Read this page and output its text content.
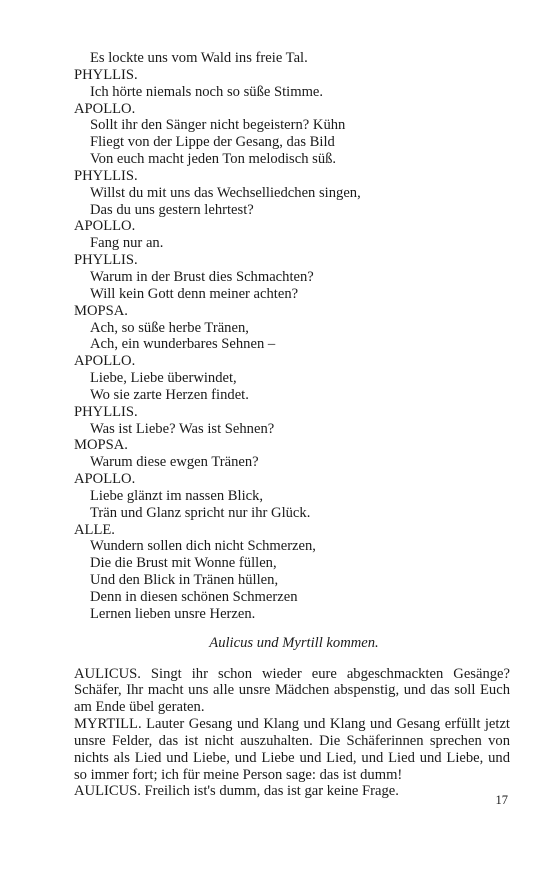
Es lockte uns vom Wald ins freie Tal.
PHYLLIS.
Ich hörte niemals noch so süße Stimme.
APOLLO.
Sollt ihr den Sänger nicht begeistern? Kühn
Fliegt von der Lippe der Gesang, das Bild
Von euch macht jeden Ton melodisch süß.
PHYLLIS.
Willst du mit uns das Wechselliedchen singen,
Das du uns gestern lehrtest?
APOLLO.
Fang nur an.
PHYLLIS.
Warum in der Brust dies Schmachten?
Will kein Gott denn meiner achten?
MOPSA.
Ach, so süße herbe Tränen,
Ach, ein wunderbares Sehnen –
APOLLO.
Liebe, Liebe überwindet,
Wo sie zarte Herzen findet.
PHYLLIS.
Was ist Liebe? Was ist Sehnen?
MOPSA.
Warum diese ewgen Tränen?
APOLLO.
Liebe glänzt im nassen Blick,
Trän und Glanz spricht nur ihr Glück.
ALLE.
Wundern sollen dich nicht Schmerzen,
Die die Brust mit Wonne füllen,
Und den Blick in Tränen hüllen,
Denn in diesen schönen Schmerzen
Lernen lieben unsre Herzen.
Aulicus und Myrtill kommen.

AULICUS. Singt ihr schon wieder eure abgeschmackten Gesänge? Schäfer, Ihr macht uns alle unsre Mädchen abspenstig, und das soll Euch am Ende übel geraten.

MYRTILL. Lauter Gesang und Klang und Klang und Gesang erfüllt jetzt unsre Felder, das ist nicht auszuhalten. Die Schäferinnen sprechen von nichts als Lied und Liebe, und Liebe und Lied, und Lied und Liebe, und so immer fort; ich für meine Person sage: das ist dumm!

AULICUS. Freilich ist's dumm, das ist gar keine Frage.

17
